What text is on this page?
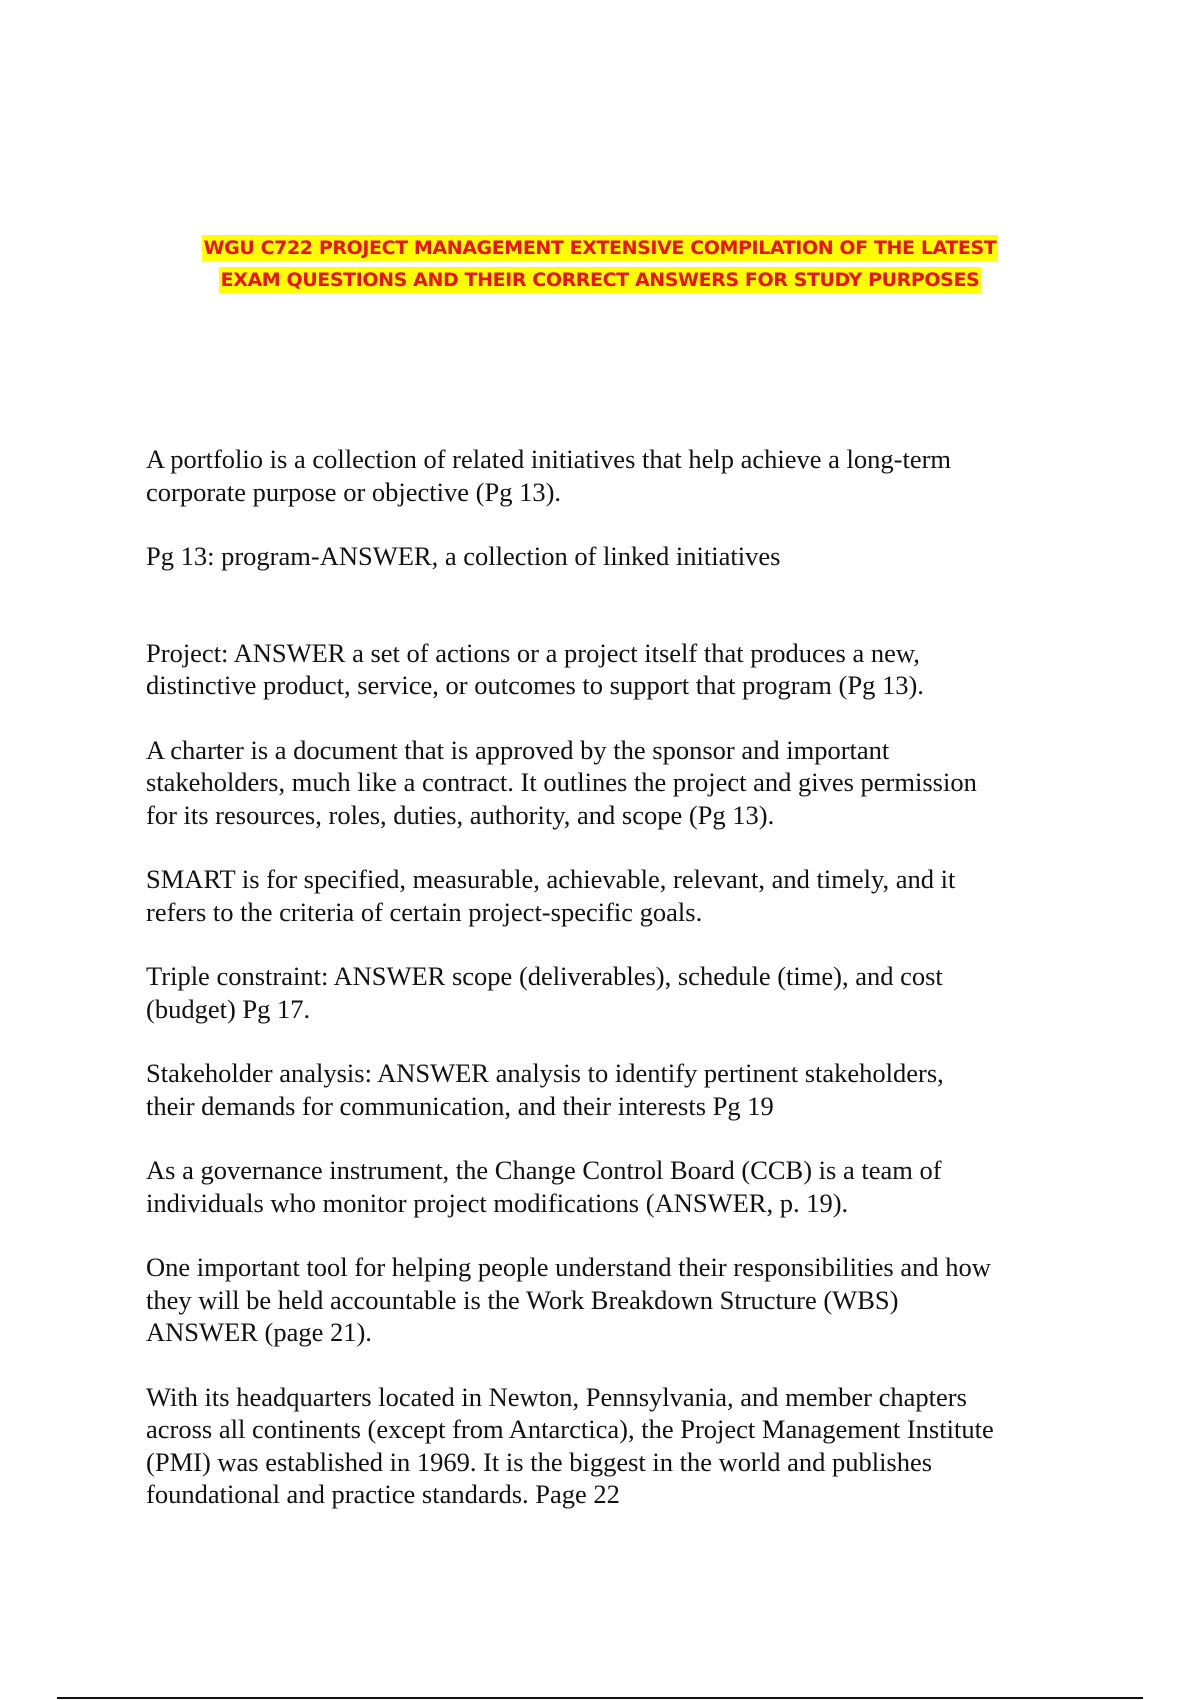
WGU C722 PROJECT MANAGEMENT EXTENSIVE COMPILATION OF THE LATEST
EXAM QUESTIONS AND THEIR CORRECT ANSWERS FOR STUDY PURPOSES

A portfolio is a collection of related initiatives that help achieve a long-term
corporate purpose or objective (Pg 13).

Pg 13: program-ANSWER, a collection of linked initiatives

Project: ANSWER a set of actions or a project itself that produces a new,
distinctive product, service, or outcomes to support that program (Pg 13).

A charter is a document that is approved by the sponsor and important
stakeholders, much like a contract. It outlines the project and gives permission
for its resources, roles, duties, authority, and scope (Pg 13).

SMART is for specified, measurable, achievable, relevant, and timely, and it
refers to the criteria of certain project-specific goals.

Triple constraint: ANSWER scope (deliverables), schedule (time), and cost
(budget) Pg 17.

Stakeholder analysis: ANSWER analysis to identify pertinent stakeholders,
their demands for communication, and their interests Pg 19

As a governance instrument, the Change Control Board (CCB) is a team of
individuals who monitor project modifications (ANSWER, p. 19).

One important tool for helping people understand their responsibilities and how
they will be held accountable is the Work Breakdown Structure (WBS)
ANSWER (page 21).

With its headquarters located in Newton, Pennsylvania, and member chapters
across all continents (except from Antarctica), the Project Management Institute
(PMI) was established in 1969. It is the biggest in the world and publishes
foundational and practice standards. Page 22
